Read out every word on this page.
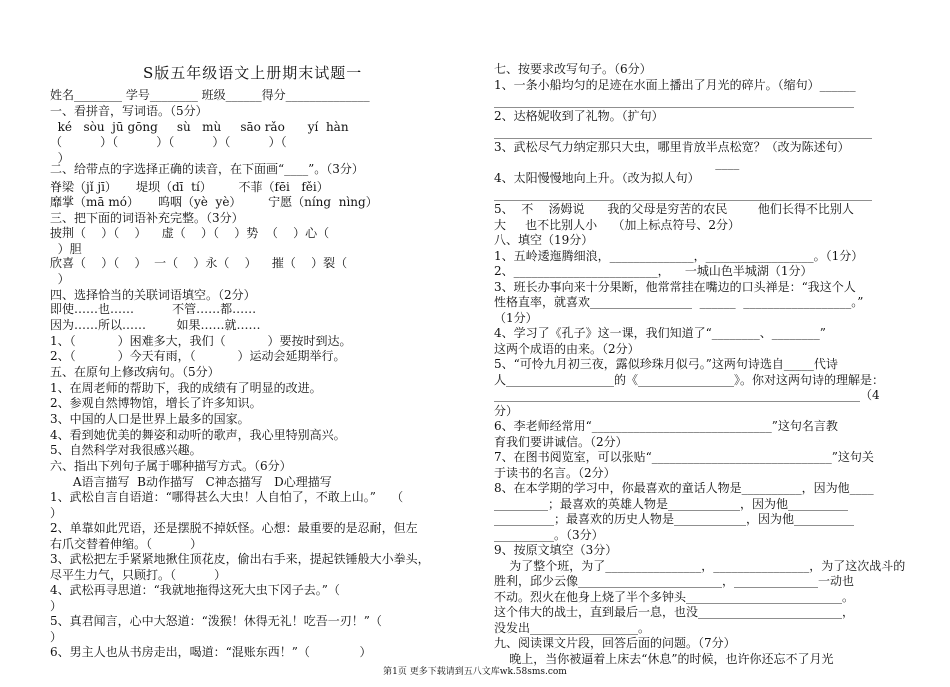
S版五年级语文上册期末试题一
姓名________ 学号________ 班级______得分______________
一、看拼音，写词语。（5分）
ké   sòu  jū gōng     sù   mù     sāo rǎo      yí  hàn
（          ）（          ）（          ）（          ）（
）
二、给带点的字选择正确的读音，在下面画“____”。（3分）
脊梁（jǐ jī）     堤坝（dī  tí）       不菲（fēi   fěi）
靡掌（mā mó）     呜咽（yè  yè）       宁愿（níng  nìng）
三、把下面的词语补充完整。（3分）
披荆（    ）（    ）    虚（    ）（    ）势  （    ）心（
）胆
欣喜（    ）（    ）  一（    ）永（    ）    摧（    ）裂（
）
四、选择恰当的关联词语填空。（2分）
即使……也……          不管……都……
因为……所以……        如果……就……
1、（           ）困难多大，我们（           ）要按时到达。
2、（           ）今天有雨，（           ）运动会延期举行。
五、在原句上修改病句。（5分）
1、在周老师的帮助下，我的成绩有了明显的改进。
2、参观自然博物馆，增长了许多知识。
3、中国的人口是世界上最多的国家。
4、看到她优美的舞姿和动听的歌声，我心里特别高兴。
5、自然科学对我很感兴趣。
六、指出下列句子属于哪种描写方式。（6分）
A语言描写  B动作描写   C神态描写   D心理描写
1、武松自言自语道：“哪得甚么大虫！人自怕了，不敢上山。”    （
）
2、单靠如此咒语，还是摆脱不掉妖怪。心想：最重要的是忍耐，但左
右爪交替着伸缩。（          ）
3、武松把左手紧紧地揪住顶花皮，偷出右手来，提起铁锤般大小拳头，
尽平生力气，只顾打。（          ）
4、武松再寻思道：“我就地拖得这死大虫下冈子去。”（
）
5、真君闻言，心中大怒道：“泼猴！休得无礼！吃吾一刃！”（
）
6、男主人也从书房走出，喝道：“混账东西！”（             ）
七、按要求改写句子。（6分）
1、一条小船均匀的足迹在水面上播出了月光的碎片。（缩句）______
____________________________________________________________
2、达格妮收到了礼物。（扩句）
_______________________________________________________________
3、武松尽气力纳定那只大虫，哪里肯放半点松宽？（改为陈述句）
____
4、太阳慢慢地向上升。（改为拟人句）
_______________________________________________________________
5、  不    汤姆说      我的父母是穷苦的农民        他们长得不比别人
大     也不比别人小    （加上标点符号、2分）
八、填空（19分）
1、五岭逶迤腾细浪，______________，__________________。（1分）
2、________________________，    一城山色半城湖（1分）
3、班长办事向来十分果断，他常常挂在嘴边的口头禅是：“我这个人
性格直率，就喜欢_________________  ______  __________________。”
（1分）
4、学习了《孔子》这一课，我们知道了“________、________”
这两个成语的由来。（2分）
5、“可怜九月初三夜，露似珍珠月似弓。”这两句诗选自_____代诗
人__________________的《________________》。你对这两句诗的理解是：
_____________________________________________________________（4
分）
6、李老师经常用“______________________________”这句名言教
育我们要讲诚信。（2分）
7、在图书阅览室，可以张贴“______________________________”这句关
于读书的名言。（2分）
8、在本学期的学习中，你最喜欢的童话人物是__________，因为他____
_________；最喜欢的英雄人物是____________，因为他__________
__________；最喜欢的历史人物是____________，因为他__________
__________。（3分）
9、按原文填空（3分）
为了整个班，为了________________，________________，为了这次战斗的
胜利，邱少云像________________________，______________一动也
不动。烈火在他身上烧了半个多钟头__________________________。
这个伟大的战士，直到最后一息，也没________________________，
没发出__________________。
九、阅读课文片段，回答后面的问题。（7分）
晚上，当你被逼着上床去“休息”的时候，也许你还忘不了月光
第1页 更多下载请到五八文库wk.58sms.com
